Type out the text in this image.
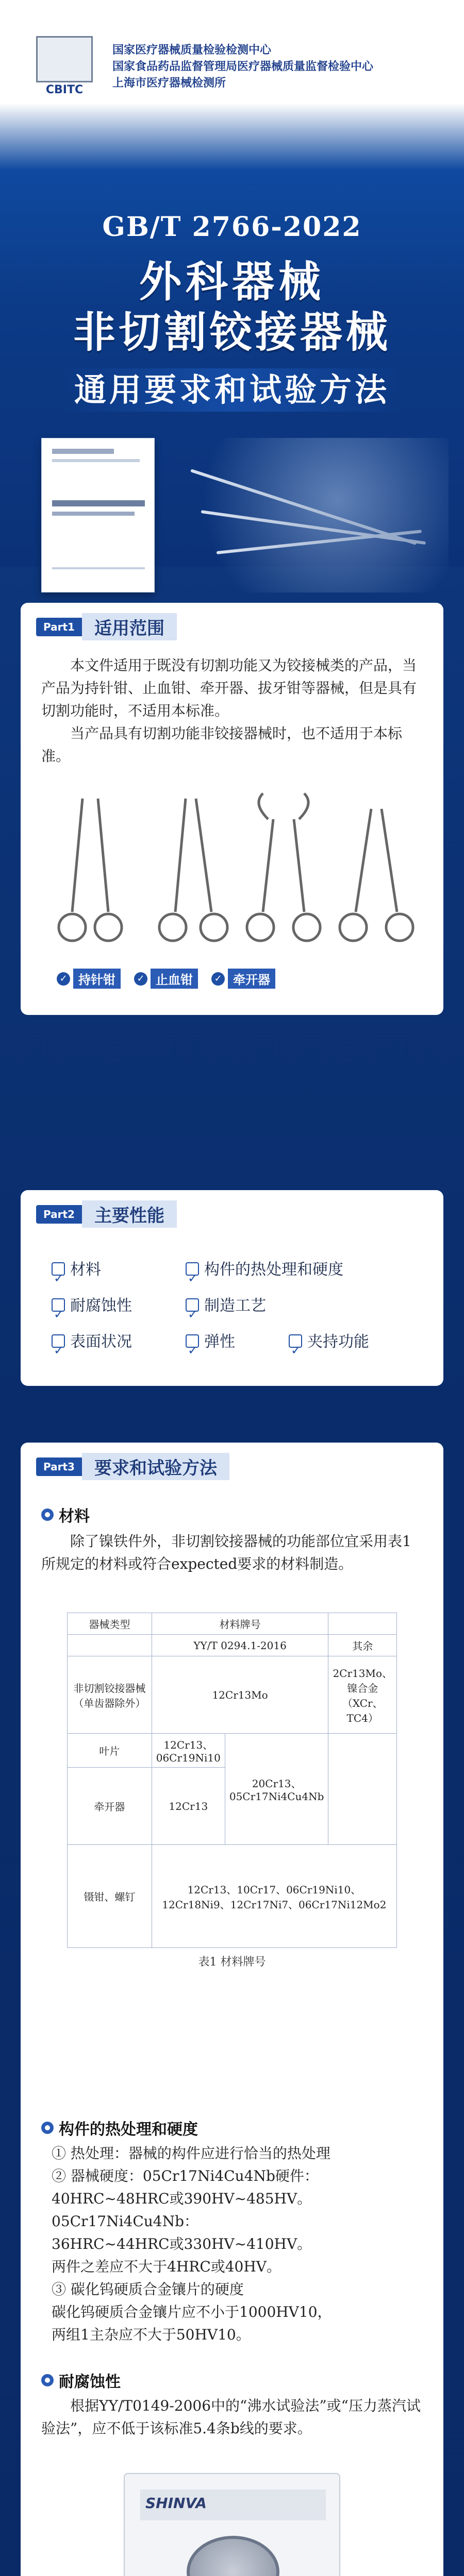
CBITC
国家医疗器械质量检验检测中心
国家食品药品监督管理局医疗器械质量监督检验中心
上海市医疗器械检测所
GB/T 2766-2022
外科器械
非切割铰接器械
通用要求和试验方法
Part1	适用范围

本文件适用于既没有切割功能又为铰接械类的产品，当产品为持针钳、止血钳、牵开器、拔牙钳等器械，但是具有切割功能时，不适用本标准。

当产品具有切割功能非铰接器械时，也不适用于本标准。

✓ 持针钳	✓ 止血钳	✓ 牵开器
Part2	主要性能
✓材料 ✓	构件的热处理和硬度
✓耐腐蚀性 ✓	制造工艺
✓表面状况 ✓	弹性 ✓	夹持功能
Part3	要求和试验方法
材料

除了镍铁件外，非切割铰接器械的功能部位宜采用表1所规定的材料或符合expected要求的材料制造。

器械类型	材料牌号		
	YY/T 0294.1-2016		其余
非切割铰接器械（单齿器除外）	12Cr13Mo		2Cr13Mo、镍合金（XCr、TC4）
叶片	12Cr13、06Cr19Ni10	20Cr13、05Cr17Ni4Cu4Nb	
牵开器	12Cr13		
镊钳、螺钉	12Cr13、10Cr17、06Cr19Ni10、12Cr18Ni9、12Cr17Ni7、06Cr17Ni12Mo2		
表1 材料牌号
构件的热处理和硬度
① 热处理：器械的构件应进行恰当的热处理
② 器械硬度：05Cr17Ni4Cu4Nb硬件：
40HRC~48HRC或390HV~485HV。
05Cr17Ni4Cu4Nb：
36HRC~44HRC或330HV~410HV。
两件之差应不大于4HRC或40HV。
③ 碳化钨硬质合金镶片的硬度
碳化钨硬质合金镶片应不小于1000HV10，
两组1主杂应不大于50HV10。
耐腐蚀性

根据YY/T0149-2006中的“沸水试验法”或“压力蒸汽试验法”，应不低于该标准5.4条b线的要求。

SHINVA
